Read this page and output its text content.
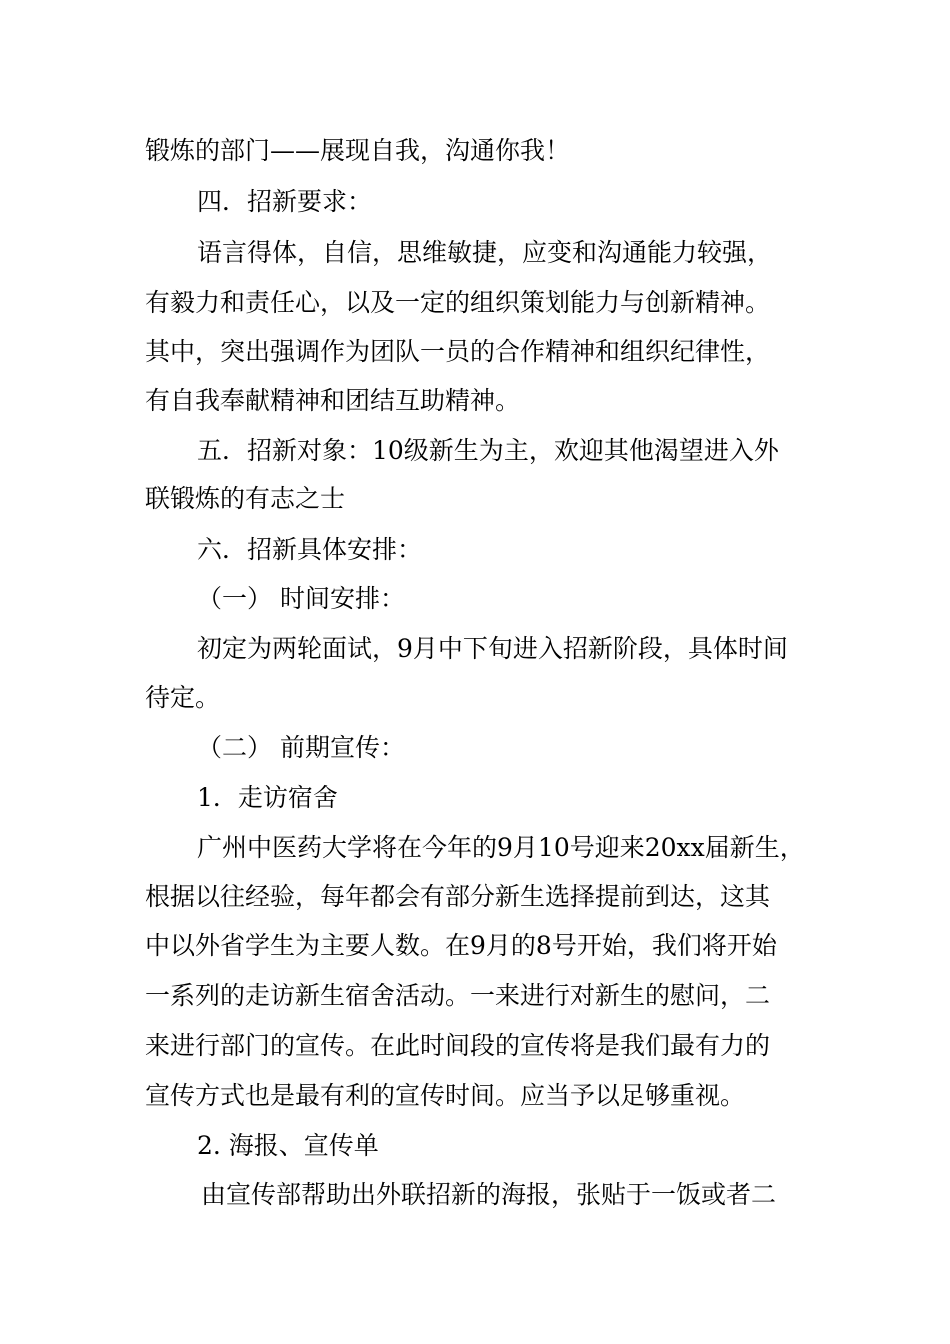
锻炼的部门——展现自我，沟通你我！
四．招新要求：
语言得体，自信，思维敏捷，应变和沟通能力较强，
有毅力和责任心，以及一定的组织策划能力与创新精神。
其中，突出强调作为团队一员的合作精神和组织纪律性，
有自我奉献精神和团结互助精神。
五．招新对象：10级新生为主，欢迎其他渴望进入外
联锻炼的有志之士
六．招新具体安排：
（一） 时间安排：
初定为两轮面试，9月中下旬进入招新阶段，具体时间
待定。
（二） 前期宣传：
1．走访宿舍
广州中医药大学将在今年的9月10号迎来20xx届新生，
根据以往经验，每年都会有部分新生选择提前到达，这其
中以外省学生为主要人数。在9月的8号开始，我们将开始
一系列的走访新生宿舍活动。一来进行对新生的慰问，二
来进行部门的宣传。在此时间段的宣传将是我们最有力的
宣传方式也是最有利的宣传时间。应当予以足够重视。
2. 海报、宣传单
由宣传部帮助出外联招新的海报，张贴于一饭或者二
